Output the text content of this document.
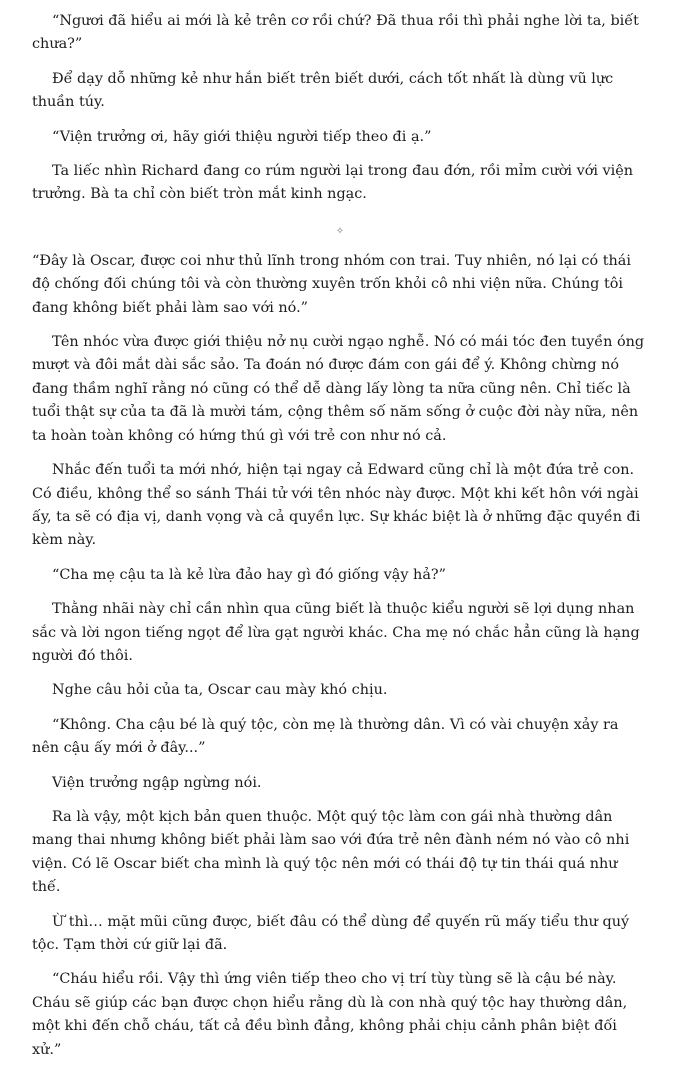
“Ngươi đã hiểu ai mới là kẻ trên cơ rồi chứ? Đã thua rồi thì phải nghe lời ta, biết chưa?”

Để dạy dỗ những kẻ như hắn biết trên biết dưới, cách tốt nhất là dùng vũ lực thuần túy.

“Viện trưởng ơi, hãy giới thiệu người tiếp theo đi ạ.”

Ta liếc nhìn Richard đang co rúm người lại trong đau đớn, rồi mỉm cười với viện trưởng. Bà ta chỉ còn biết tròn mắt kinh ngạc.

✧

“Đây là Oscar, được coi như thủ lĩnh trong nhóm con trai. Tuy nhiên, nó lại có thái độ chống đối chúng tôi và còn thường xuyên trốn khỏi cô nhi viện nữa. Chúng tôi đang không biết phải làm sao với nó.”

Tên nhóc vừa được giới thiệu nở nụ cười ngạo nghễ. Nó có mái tóc đen tuyền óng mượt và đôi mắt dài sắc sảo. Ta đoán nó được đám con gái để ý. Không chừng nó đang thầm nghĩ rằng nó cũng có thể dễ dàng lấy lòng ta nữa cũng nên. Chỉ tiếc là tuổi thật sự của ta đã là mười tám, cộng thêm số năm sống ở cuộc đời này nữa, nên ta hoàn toàn không có hứng thú gì với trẻ con như nó cả.

Nhắc đến tuổi ta mới nhớ, hiện tại ngay cả Edward cũng chỉ là một đứa trẻ con. Có điều, không thể so sánh Thái tử với tên nhóc này được. Một khi kết hôn với ngài ấy, ta sẽ có địa vị, danh vọng và cả quyền lực. Sự khác biệt là ở những đặc quyền đi kèm này.

“Cha mẹ cậu ta là kẻ lừa đảo hay gì đó giống vậy hả?”

Thằng nhãi này chỉ cần nhìn qua cũng biết là thuộc kiểu người sẽ lợi dụng nhan sắc và lời ngon tiếng ngọt để lừa gạt người khác. Cha mẹ nó chắc hẳn cũng là hạng người đó thôi.

Nghe câu hỏi của ta, Oscar cau mày khó chịu.

“Không. Cha cậu bé là quý tộc, còn mẹ là thường dân. Vì có vài chuyện xảy ra nên cậu ấy mới ở đây...”

Viện trưởng ngập ngừng nói.

Ra là vậy, một kịch bản quen thuộc. Một quý tộc làm con gái nhà thường dân mang thai nhưng không biết phải làm sao với đứa trẻ nên đành ném nó vào cô nhi viện. Có lẽ Oscar biết cha mình là quý tộc nên mới có thái độ tự tin thái quá như thế.

Ừ thì… mặt mũi cũng được, biết đâu có thể dùng để quyến rũ mấy tiểu thư quý tộc. Tạm thời cứ giữ lại đã.

“Cháu hiểu rồi. Vậy thì ứng viên tiếp theo cho vị trí tùy tùng sẽ là cậu bé này. Cháu sẽ giúp các bạn được chọn hiểu rằng dù là con nhà quý tộc hay thường dân, một khi đến chỗ cháu, tất cả đều bình đẳng, không phải chịu cảnh phân biệt đối xử.”
